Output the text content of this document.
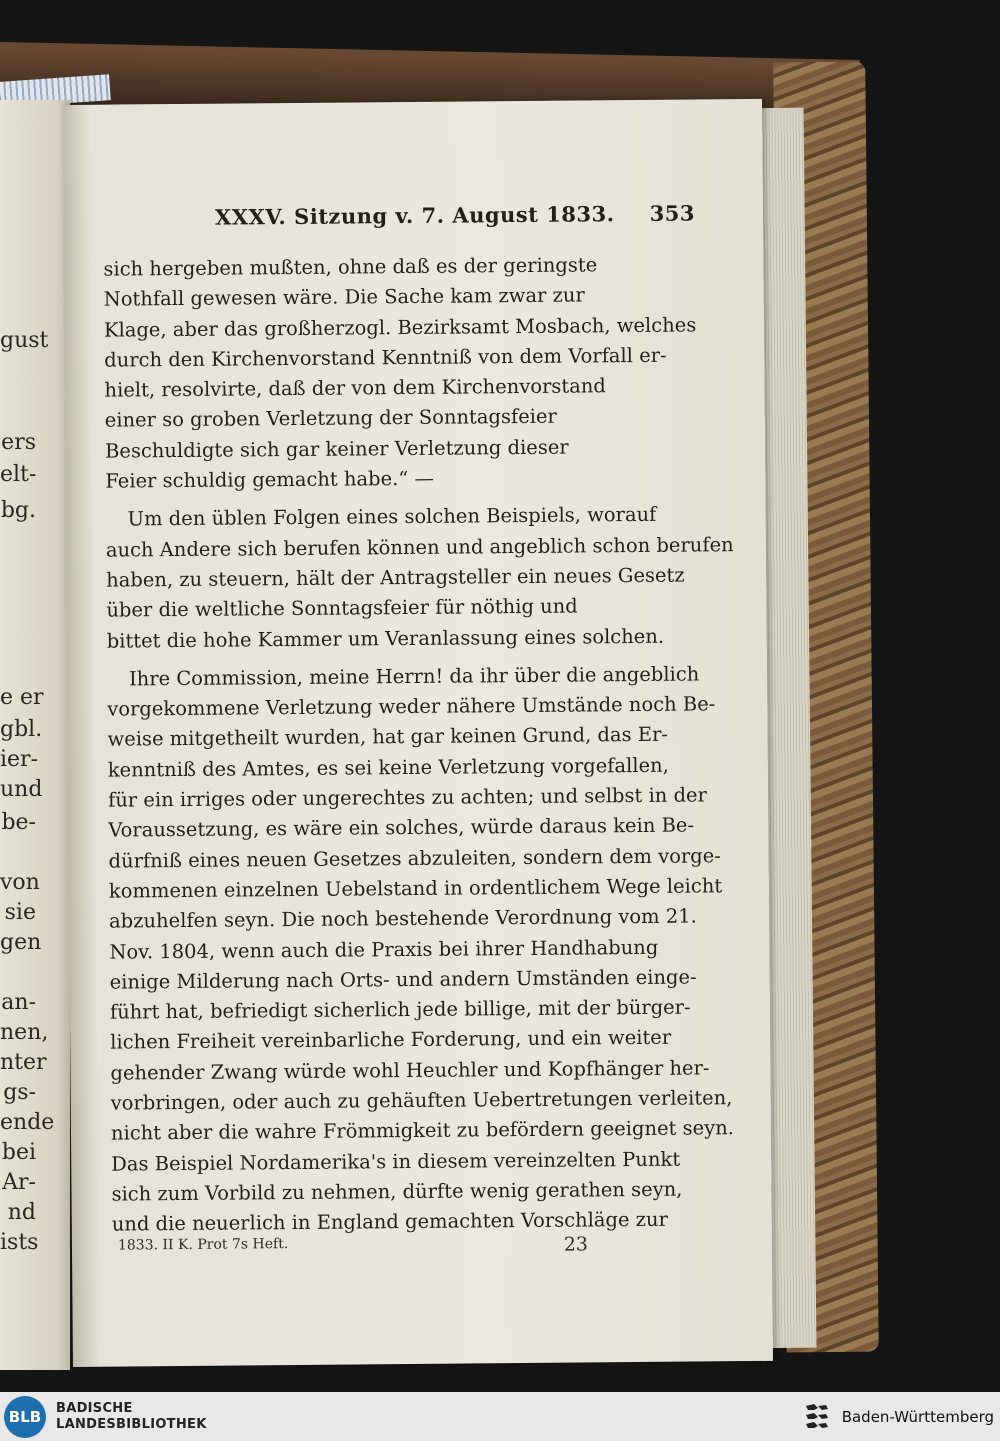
gust
ers
elt-
bg.
e er
gbl.
ier-
und
be-
von
sie
gen
an-
nen,
nter
gs-
ende
bei
Ar-
nd
ists
XXXV. Sitzung v. 7. August 1833. 353
sich hergeben mußten, ohne daß es der geringste
Nothfall gewesen wäre. Die Sache kam zwar zur
Klage, aber das großherzogl. Bezirksamt Mosbach, welches
durch den Kirchenvorstand Kenntniß von dem Vorfall er-
hielt, resolvirte, daß der von dem Kirchenvorstand
einer so groben Verletzung der Sonntagsfeier
Beschuldigte sich gar keiner Verletzung dieser
Feier schuldig gemacht habe.“ —
Um den üblen Folgen eines solchen Beispiels, worauf
auch Andere sich berufen können und angeblich schon berufen
haben, zu steuern, hält der Antragsteller ein neues Gesetz
über die weltliche Sonntagsfeier für nöthig und
bittet die hohe Kammer um Veranlassung eines solchen.
Ihre Commission, meine Herrn! da ihr über die angeblich
vorgekommene Verletzung weder nähere Umstände noch Be-
weise mitgetheilt wurden, hat gar keinen Grund, das Er-
kenntniß des Amtes, es sei keine Verletzung vorgefallen,
für ein irriges oder ungerechtes zu achten; und selbst in der
Voraussetzung, es wäre ein solches, würde daraus kein Be-
dürfniß eines neuen Gesetzes abzuleiten, sondern dem vorge-
kommenen einzelnen Uebelstand in ordentlichem Wege leicht
abzuhelfen seyn. Die noch bestehende Verordnung vom 21.
Nov. 1804, wenn auch die Praxis bei ihrer Handhabung
einige Milderung nach Orts- und andern Umständen einge-
führt hat, befriedigt sicherlich jede billige, mit der bürger-
lichen Freiheit vereinbarliche Forderung, und ein weiter
gehender Zwang würde wohl Heuchler und Kopfhänger her-
vorbringen, oder auch zu gehäuften Uebertretungen verleiten,
nicht aber die wahre Frömmigkeit zu befördern geeignet seyn.
Das Beispiel Nordamerika's in diesem vereinzelten Punkt
sich zum Vorbild zu nehmen, dürfte wenig gerathen seyn,
und die neuerlich in England gemachten Vorschläge zur
1833. II K. Prot 7s Heft.	23
BLB	BADISCHE
LANDESBIBLIOTHEK	Baden-Württemberg
